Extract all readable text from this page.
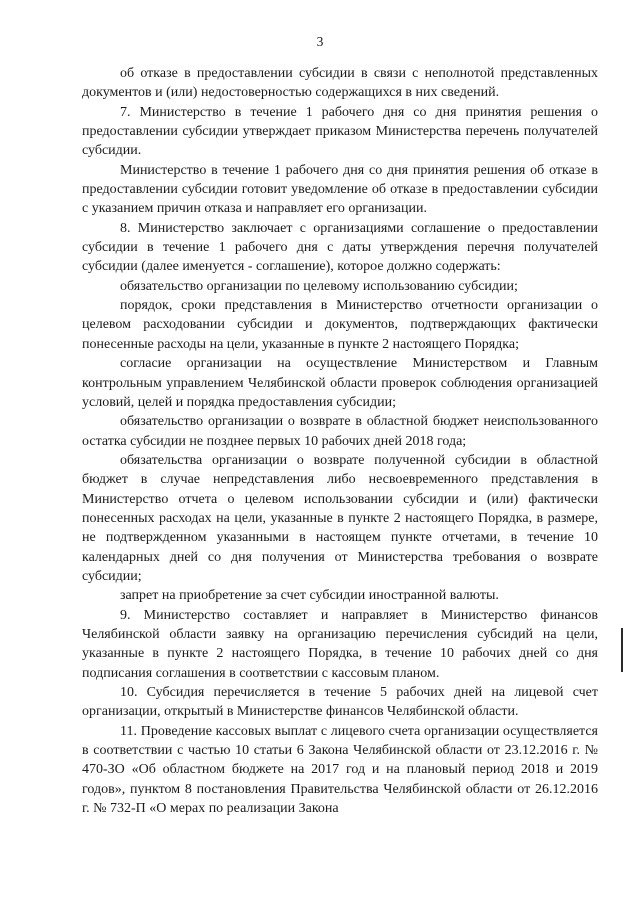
3

об отказе в предоставлении субсидии в связи с неполнотой представленных документов и (или) недостоверностью содержащихся в них сведений.

7. Министерство в течение 1 рабочего дня со дня принятия решения о предоставлении субсидии утверждает приказом Министерства перечень получателей субсидии.

Министерство в течение 1 рабочего дня со дня принятия решения об отказе в предоставлении субсидии готовит уведомление об отказе в предоставлении субсидии с указанием причин отказа и направляет его организации.

8. Министерство заключает с организациями соглашение о предоставлении субсидии в течение 1 рабочего дня с даты утверждения перечня получателей субсидии (далее именуется - соглашение), которое должно содержать:

обязательство организации по целевому использованию субсидии;

порядок, сроки представления в Министерство отчетности организации о целевом расходовании субсидии и документов, подтверждающих фактически понесенные расходы на цели, указанные в пункте 2 настоящего Порядка;

согласие организации на осуществление Министерством и Главным контрольным управлением Челябинской области проверок соблюдения организацией условий, целей и порядка предоставления субсидии;

обязательство организации о возврате в областной бюджет неиспользованного остатка субсидии не позднее первых 10 рабочих дней 2018 года;

обязательства организации о возврате полученной субсидии в областной бюджет в случае непредставления либо несвоевременного представления в Министерство отчета о целевом использовании субсидии и (или) фактически понесенных расходах на цели, указанные в пункте 2 настоящего Порядка, в размере, не подтвержденном указанными в настоящем пункте отчетами, в течение 10 календарных дней со дня получения от Министерства требования о возврате субсидии;

запрет на приобретение за счет субсидии иностранной валюты.

9. Министерство составляет и направляет в Министерство финансов Челябинской области заявку на организацию перечисления субсидий на цели, указанные в пункте 2 настоящего Порядка, в течение 10 рабочих дней со дня подписания соглашения в соответствии с кассовым планом.

10. Субсидия перечисляется в течение 5 рабочих дней на лицевой счет организации, открытый в Министерстве финансов Челябинской области.

11. Проведение кассовых выплат с лицевого счета организации осуществляется в соответствии с частью 10 статьи 6 Закона Челябинской области от 23.12.2016 г. № 470-ЗО «Об областном бюджете на 2017 год и на плановый период 2018 и 2019 годов», пунктом 8 постановления Правительства Челябинской области от 26.12.2016 г. № 732-П «О мерах по реализации Закона
